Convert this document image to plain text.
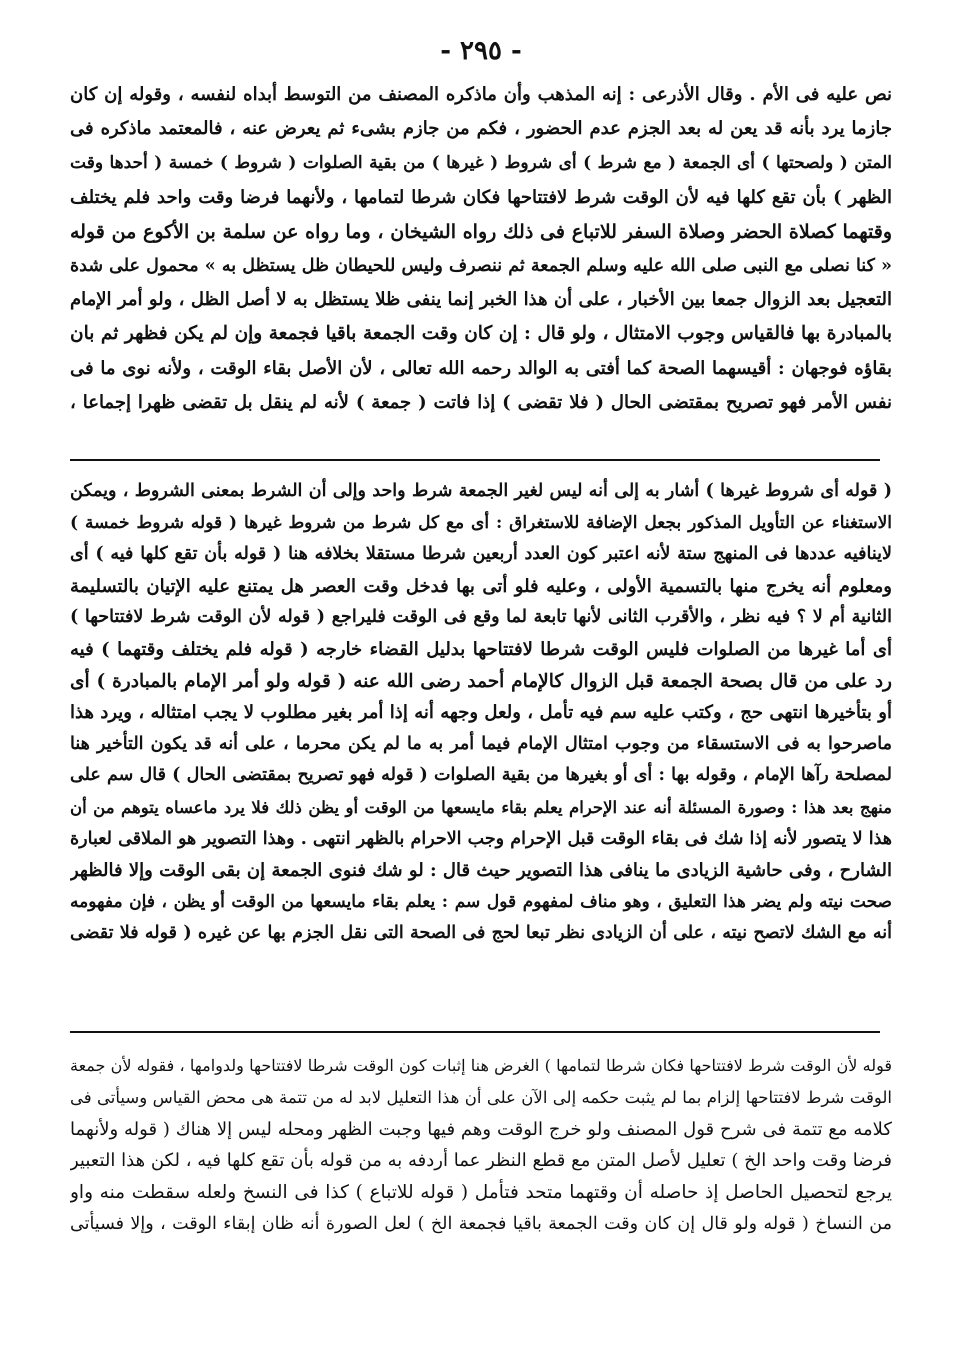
- ٢٩٥ -
نص عليه فى الأم . وقال الأذرعى : إنه المذهب وأن ماذكره المصنف من التوسط أبداه لنفسه ، وقوله إن كان
جازما يرد بأنه قد يعن له بعد الجزم عدم الحضور ، فكم من جازم بشىء ثم يعرض عنه ، فالمعتمد ماذكره فى
المتن ( ولصحتها ) أى الجمعة ( مع شرط ) أى شروط ( غيرها ) من بقية الصلوات ( شروط ) خمسة ( أحدها وقت
الظهر ) بأن تقع كلها فيه لأن الوقت شرط لافتتاحها فكان شرطا لتمامها ، ولأنهما فرضا وقت واحد فلم يختلف
وقتهما كصلاة الحضر وصلاة السفر للاتباع فى ذلك رواه الشيخان ، وما رواه عن سلمة بن الأكوع من قوله
« كنا نصلى مع النبى صلى الله عليه وسلم الجمعة ثم ننصرف وليس للحيطان ظل يستظل به » محمول على شدة
التعجيل بعد الزوال جمعا بين الأخبار ، على أن هذا الخبر إنما ينفى ظلا يستظل به لا أصل الظل ، ولو أمر الإمام
بالمبادرة بها فالقياس وجوب الامتثال ، ولو قال : إن كان وقت الجمعة باقيا فجمعة وإن لم يكن فظهر ثم بان
بقاؤه فوجهان : أقيسهما الصحة كما أفتى به الوالد رحمه الله تعالى ، لأن الأصل بقاء الوقت ، ولأنه نوى ما فى
نفس الأمر فهو تصريح بمقتضى الحال ( فلا تقضى ) إذا فاتت ( جمعة ) لأنه لم ينقل بل تقضى ظهرا إجماعا ،
( قوله أى شروط غيرها ) أشار به إلى أنه ليس لغير الجمعة شرط واحد وإلى أن الشرط بمعنى الشروط ، ويمكن
الاستغناء عن التأويل المذكور بجعل الإضافة للاستغراق : أى مع كل شرط من شروط غيرها ( قوله شروط خمسة )
لاينافيه عددها فى المنهج ستة لأنه اعتبر كون العدد أربعين شرطا مستقلا بخلافه هنا ( قوله بأن تقع كلها فيه ) أى
ومعلوم أنه يخرج منها بالتسمية الأولى ، وعليه فلو أتى بها فدخل وقت العصر هل يمتنع عليه الإتيان بالتسليمة
الثانية أم لا ؟ فيه نظر ، والأقرب الثانى لأنها تابعة لما وقع فى الوقت فليراجع ( قوله لأن الوقت شرط لافتتاحها )
أى أما غيرها من الصلوات فليس الوقت شرطا لافتتاحها بدليل القضاء خارجه ( قوله فلم يختلف وقتهما ) فيه
رد على من قال بصحة الجمعة قبل الزوال كالإمام أحمد رضى الله عنه ( قوله ولو أمر الإمام بالمبادرة ) أى
أو بتأخيرها انتهى حج ، وكتب عليه سم فيه تأمل ، ولعل وجهه أنه إذا أمر بغير مطلوب لا يجب امتثاله ، ويرد هذا
ماصرحوا به فى الاستسقاء من وجوب امتثال الإمام فيما أمر به ما لم يكن محرما ، على أنه قد يكون التأخير هنا
لمصلحة رآها الإمام ، وقوله بها : أى أو بغيرها من بقية الصلوات ( قوله فهو تصريح بمقتضى الحال ) قال سم على
منهج بعد هذا : وصورة المسئلة أنه عند الإحرام يعلم بقاء مايسعها من الوقت أو يظن ذلك فلا يرد ماعساه يتوهم من أن
هذا لا يتصور لأنه إذا شك فى بقاء الوقت قبل الإحرام وجب الاحرام بالظهر انتهى . وهذا التصوير هو الملاقى لعبارة
الشارح ، وفى حاشية الزيادى ما ينافى هذا التصوير حيث قال : لو شك فنوى الجمعة إن بقى الوقت وإلا فالظهر
صحت نيته ولم يضر هذا التعليق ، وهو مناف لمفهوم قول سم : يعلم بقاء مايسعها من الوقت أو يظن ، فإن مفهومه
أنه مع الشك لاتصح نيته ، على أن الزيادى نظر تبعا لحج فى الصحة التى نقل الجزم بها عن غيره ( قوله فلا تقضى
قوله لأن الوقت شرط لافتتاحها فكان شرطا لتمامها ) الغرض هنا إثبات كون الوقت شرطا لافتتاحها ولدوامها ، فقوله لأن جمعة
الوقت شرط لافتتاحها إلزام بما لم يثبت حكمه إلى الآن على أن هذا التعليل لابد له من تتمة هى محض القياس وسيأتى فى
كلامه مع تتمة فى شرح قول المصنف ولو خرج الوقت وهم فيها وجبت الظهر ومحله ليس إلا هناك ( قوله ولأنهما
فرضا وقت واحد الخ ) تعليل لأصل المتن مع قطع النظر عما أردفه به من قوله بأن تقع كلها فيه ، لكن هذا التعبير
يرجع لتحصيل الحاصل إذ حاصله أن وقتهما متحد فتأمل ( قوله للاتباع ) كذا فى النسخ ولعله سقطت منه واو
من النساخ ( قوله ولو قال إن كان وقت الجمعة باقيا فجمعة الخ ) لعل الصورة أنه ظان إبقاء الوقت ، وإلا فسيأتى
